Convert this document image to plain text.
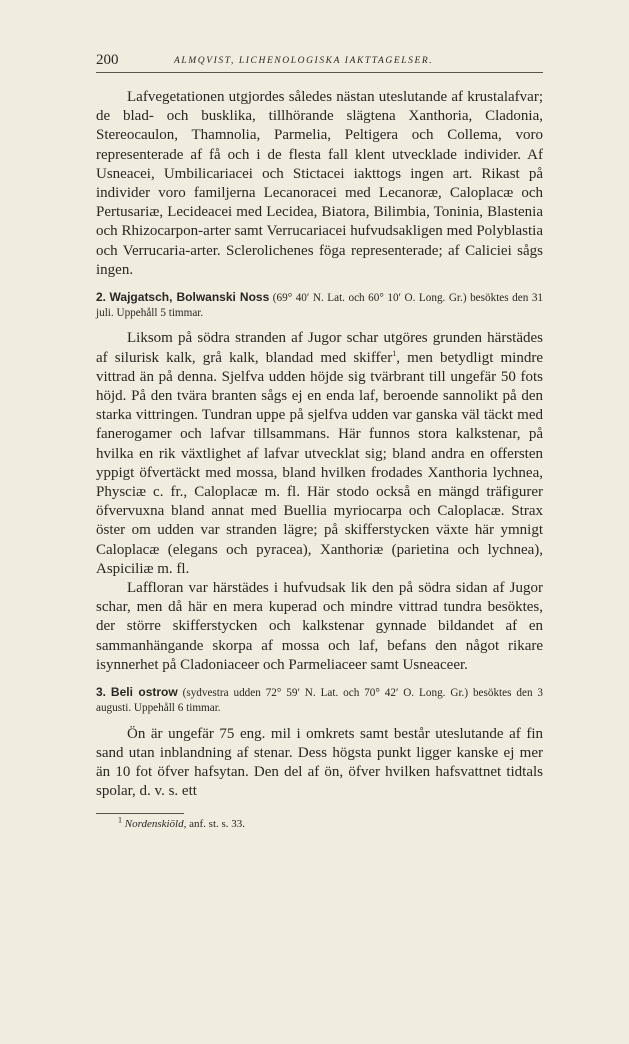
200	ALMQVIST, LICHENOLOGISKA IAKTTAGELSER.

Lafvegetationen utgjordes således nästan uteslutande af krustalafvar; de blad- och busklika, tillhörande slägtena Xanthoria, Cladonia, Stereocaulon, Thamnolia, Parmelia, Peltigera och Collema, voro representerade af få och i de flesta fall klent utvecklade individer. Af Usneacei, Umbilicariacei och Stictacei iakttogs ingen art. Rikast på individer voro familjerna Lecanoracei med Lecanoræ, Caloplacæ och Pertusariæ, Lecideacei med Lecidea, Biatora, Bilimbia, Toninia, Blastenia och Rhizocarpon-arter samt Verrucariacei hufvudsakligen med Polyblastia och Verrucaria-arter. Sclerolichenes föga representerade; af Caliciei sågs ingen.

2. Wajgatsch, Bolwanski Noss (69° 40′ N. Lat. och 60° 10′ O. Long. Gr.) besöktes den 31 juli. Uppehåll 5 timmar.

Liksom på södra stranden af Jugor schar utgöres grunden härstädes af silurisk kalk, grå kalk, blandad med skiffer$^1$, men betydligt mindre vittrad än på denna. Sjelfva udden höjde sig tvärbrant till ungefär 50 fots höjd. På den tvära branten sågs ej en enda laf, beroende sannolikt på den starka vittringen. Tundran uppe på sjelfva udden var ganska väl täckt med fanerogamer och lafvar tillsammans. Här funnos stora kalkstenar, på hvilka en rik växtlighet af lafvar utvecklat sig; bland andra en offersten yppigt öfvertäckt med mossa, bland hvilken frodades Xanthoria lychnea, Physciæ c. fr., Caloplacæ m. fl. Här stodo också en mängd träfigurer öfvervuxna bland annat med Buellia myriocarpa och Caloplacæ. Strax öster om udden var stranden lägre; på skifferstycken växte här ymnigt Caloplacæ (elegans och pyracea), Xanthoriæ (parietina och lychnea), Aspiciliæ m. fl.

Laffloran var härstädes i hufvudsak lik den på södra sidan af Jugor schar, men då här en mera kuperad och mindre vittrad tundra besöktes, der större skifferstycken och kalkstenar gynnade bildandet af en sammanhängande skorpa af mossa och laf, befans den något rikare isynnerhet på Cladoniaceer och Parmeliaceer samt Usneaceer.

3. Beli ostrow (sydvestra udden 72° 59′ N. Lat. och 70° 42′ O. Long. Gr.) besöktes den 3 augusti. Uppehåll 6 timmar.

Ön är ungefär 75 eng. mil i omkrets samt består uteslutande af fin sand utan inblandning af stenar. Dess högsta punkt ligger kanske ej mer än 10 fot öfver hafsytan. Den del af ön, öfver hvilken hafsvattnet tidtals spolar, d. v. s. ett

$^1$ Nordenskiöld, anf. st. s. 33.
